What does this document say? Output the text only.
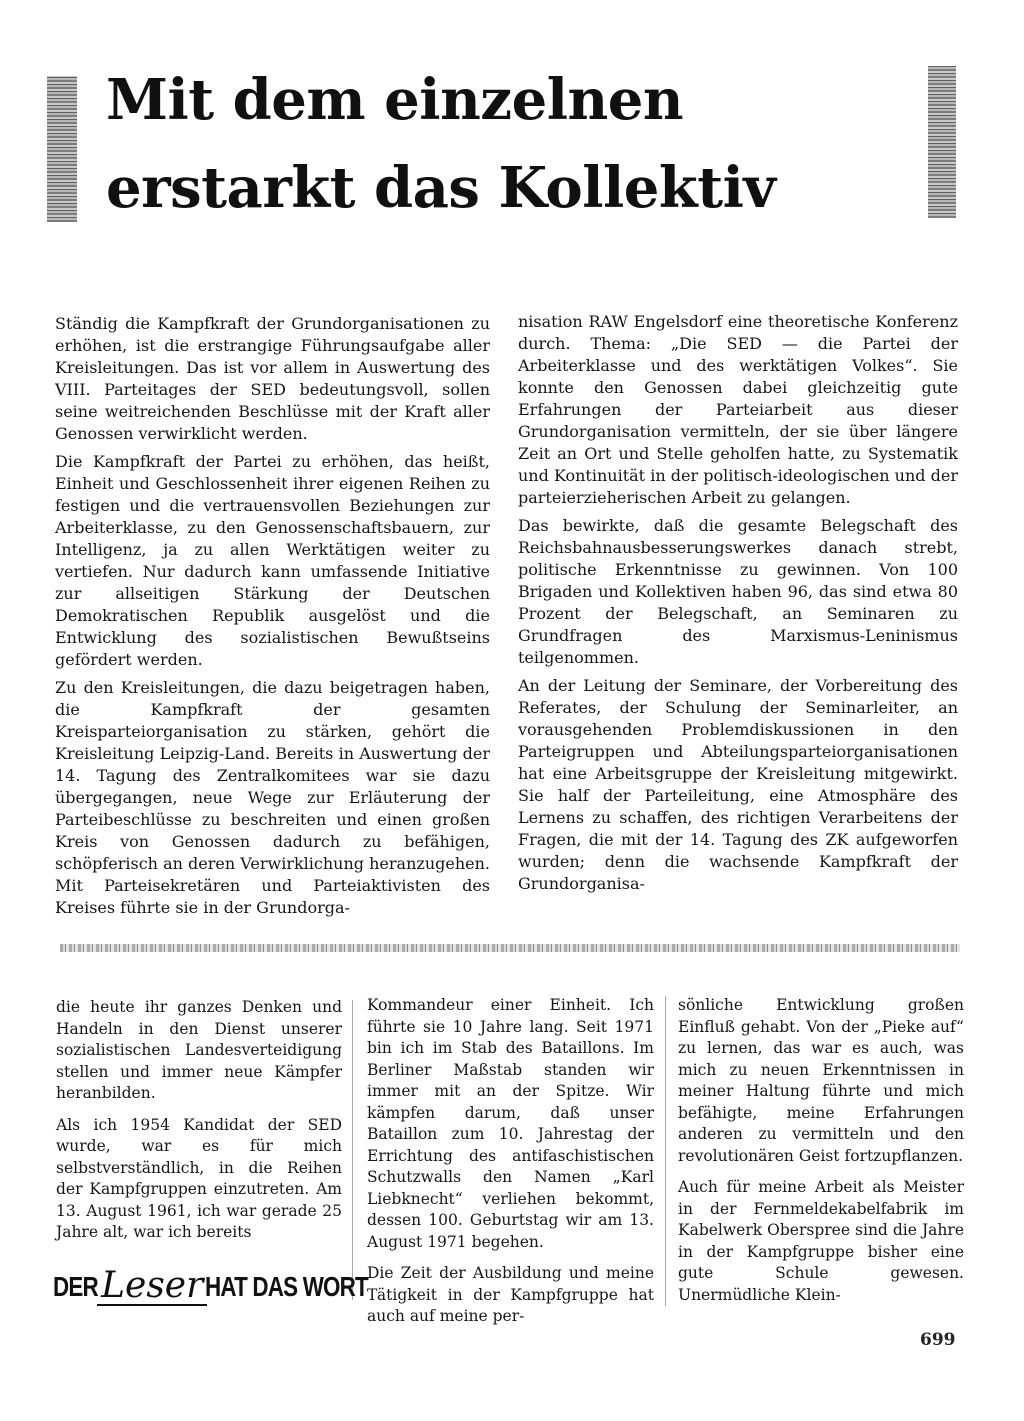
Mit dem einzelnen
erstarkt das Kollektiv

Ständig die Kampfkraft der Grundorganisationen zu erhöhen, ist die erstrangige Führungsaufgabe aller Kreisleitungen. Das ist vor allem in Auswertung des VIII. Parteitages der SED bedeutungsvoll, sollen seine weitreichenden Beschlüsse mit der Kraft aller Genossen verwirklicht werden.

Die Kampfkraft der Partei zu erhöhen, das heißt, Einheit und Geschlossenheit ihrer eigenen Reihen zu festigen und die vertrauensvollen Beziehungen zur Arbeiterklasse, zu den Genossenschaftsbauern, zur Intelligenz, ja zu allen Werktätigen weiter zu vertiefen. Nur dadurch kann umfassende Initiative zur allseitigen Stärkung der Deutschen Demokratischen Republik ausgelöst und die Entwicklung des sozialistischen Bewußtseins gefördert werden.

Zu den Kreisleitungen, die dazu beigetragen haben, die Kampfkraft der gesamten Kreisparteiorganisation zu stärken, gehört die Kreisleitung Leipzig-Land. Bereits in Auswertung der 14. Tagung des Zentralkomitees war sie dazu übergegangen, neue Wege zur Erläuterung der Parteibeschlüsse zu beschreiten und einen großen Kreis von Genossen dadurch zu befähigen, schöpferisch an deren Verwirklichung heranzugehen. Mit Parteisekretären und Parteiaktivisten des Kreises führte sie in der Grundorga-

nisation RAW Engelsdorf eine theoretische Konferenz durch. Thema: „Die SED — die Partei der Arbeiterklasse und des werktätigen Volkes“. Sie konnte den Genossen dabei gleichzeitig gute Erfahrungen der Parteiarbeit aus dieser Grundorganisation vermitteln, der sie über längere Zeit an Ort und Stelle geholfen hatte, zu Systematik und Kontinuität in der politisch-ideologischen und der parteierzieherischen Arbeit zu gelangen.

Das bewirkte, daß die gesamte Belegschaft des Reichsbahnausbesserungswerkes danach strebt, politische Erkenntnisse zu gewinnen. Von 100 Brigaden und Kollektiven haben 96, das sind etwa 80 Prozent der Belegschaft, an Seminaren zu Grundfragen des Marxismus-Leninismus teilgenommen.

An der Leitung der Seminare, der Vorbereitung des Referates, der Schulung der Seminarleiter, an vorausgehenden Problemdiskussionen in den Parteigruppen und Abteilungsparteiorganisationen hat eine Arbeitsgruppe der Kreisleitung mitgewirkt. Sie half der Parteileitung, eine Atmosphäre des Lernens zu schaffen, des richtigen Verarbeitens der Fragen, die mit der 14. Tagung des ZK aufgeworfen wurden; denn die wachsende Kampfkraft der Grundorganisa-

die heute ihr ganzes Denken und Handeln in den Dienst unserer sozialistischen Landesverteidigung stellen und immer neue Kämpfer heranbilden.

Als ich 1954 Kandidat der SED wurde, war es für mich selbstverständlich, in die Reihen der Kampfgruppen einzutreten. Am 13. August 1961, ich war gerade 25 Jahre alt, war ich bereits

Kommandeur einer Einheit. Ich führte sie 10 Jahre lang. Seit 1971 bin ich im Stab des Bataillons. Im Berliner Maßstab standen wir immer mit an der Spitze. Wir kämpfen darum, daß unser Bataillon zum 10. Jahrestag der Errichtung des antifaschistischen Schutzwalls den Namen „Karl Liebknecht“ verliehen bekommt, dessen 100. Geburtstag wir am 13. August 1971 begehen.

Die Zeit der Ausbildung und meine Tätigkeit in der Kampfgruppe hat auch auf meine per-

sönliche Entwicklung großen Einfluß gehabt. Von der „Pieke auf“ zu lernen, das war es auch, was mich zu neuen Erkenntnissen in meiner Haltung führte und mich befähigte, meine Erfahrungen anderen zu vermitteln und den revolutionären Geist fortzupflanzen.

Auch für meine Arbeit als Meister in der Fernmeldekabelfabrik im Kabelwerk Oberspree sind die Jahre in der Kampfgruppe bisher eine gute Schule gewesen. Unermüdliche Klein-

DER Leser HAT DAS WORT
699
